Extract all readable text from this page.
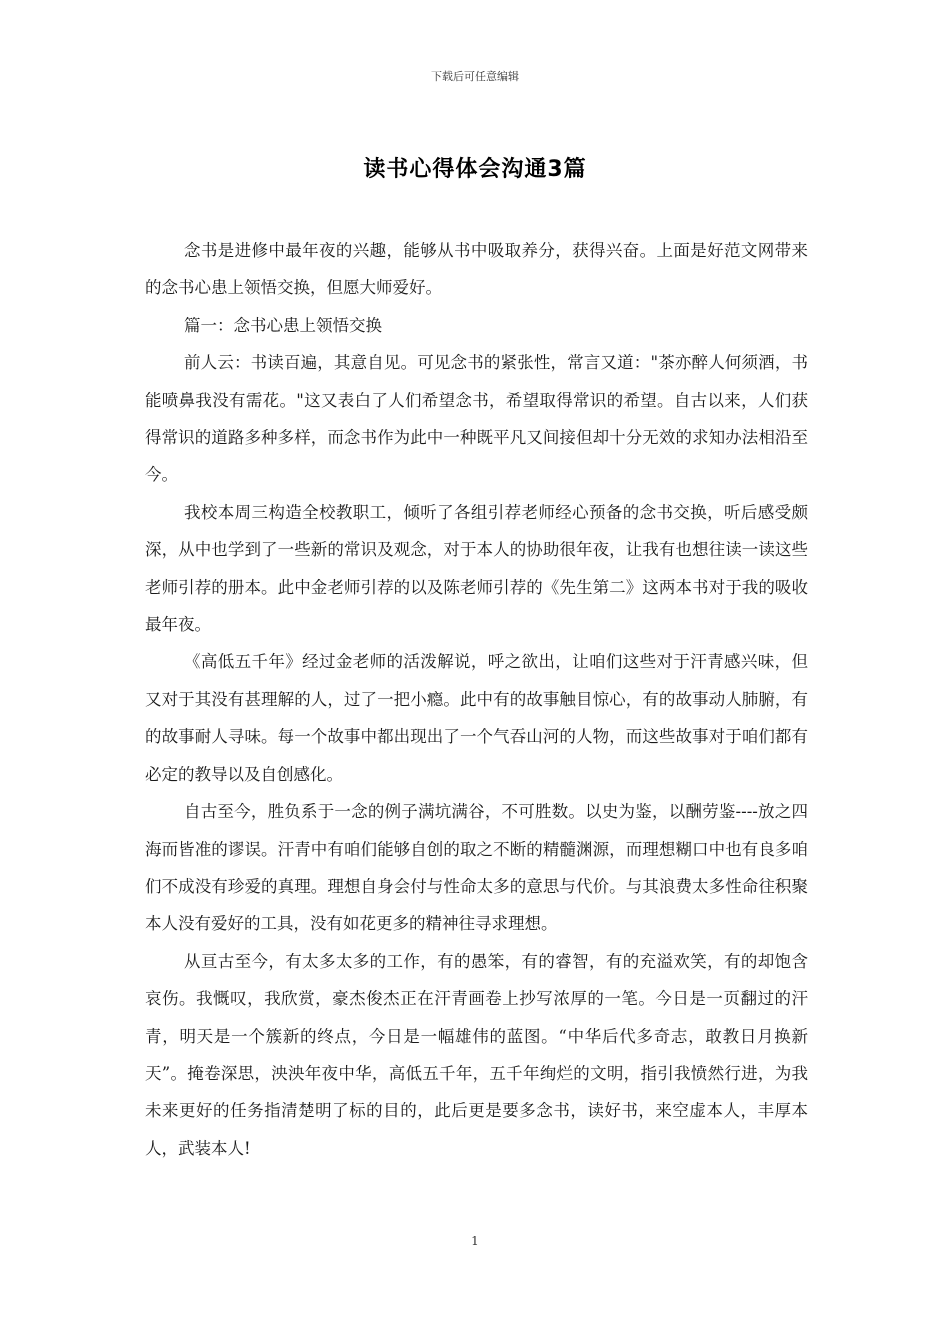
下载后可任意编辑
读书心得体会沟通3篇

念书是进修中最年夜的兴趣，能够从书中吸取养分，获得兴奋。上面是好范文网带来的念书心患上领悟交换，但愿大师爱好。

篇一：念书心患上领悟交换

前人云：书读百遍，其意自见。可见念书的紧张性，常言又道："茶亦醉人何须酒，书能喷鼻我没有需花。"这又表白了人们希望念书，希望取得常识的希望。自古以来，人们获得常识的道路多种多样，而念书作为此中一种既平凡又间接但却十分无效的求知办法相沿至今。

我校本周三构造全校教职工，倾听了各组引荐老师经心预备的念书交换，听后感受颇深，从中也学到了一些新的常识及观念，对于本人的协助很年夜，让我有也想往读一读这些老师引荐的册本。此中金老师引荐的以及陈老师引荐的《先生第二》这两本书对于我的吸收最年夜。

《高低五千年》经过金老师的活泼解说，呼之欲出，让咱们这些对于汗青感兴味，但又对于其没有甚理解的人，过了一把小瘾。此中有的故事触目惊心，有的故事动人肺腑，有的故事耐人寻味。每一个故事中都出现出了一个气吞山河的人物，而这些故事对于咱们都有必定的教导以及自创感化。

自古至今，胜负系于一念的例子满坑满谷，不可胜数。以史为鉴，以酬劳鉴----放之四海而皆准的谬误。汗青中有咱们能够自创的取之不断的精髓渊源，而理想糊口中也有良多咱们不成没有珍爱的真理。理想自身会付与性命太多的意思与代价。与其浪费太多性命往积聚本人没有爱好的工具，没有如花更多的精神往寻求理想。

从亘古至今，有太多太多的工作，有的愚笨，有的睿智，有的充溢欢笑，有的却饱含哀伤。我慨叹，我欣赏，豪杰俊杰正在汗青画卷上抄写浓厚的一笔。今日是一页翻过的汗青，明天是一个簇新的终点，今日是一幅雄伟的蓝图。“中华后代多奇志，敢教日月换新天”。掩卷深思，泱泱年夜中华，高低五千年，五千年绚烂的文明，指引我愤然行进，为我未来更好的任务指清楚明了标的目的，此后更是要多念书，读好书，来空虚本人，丰厚本人，武装本人!

1
